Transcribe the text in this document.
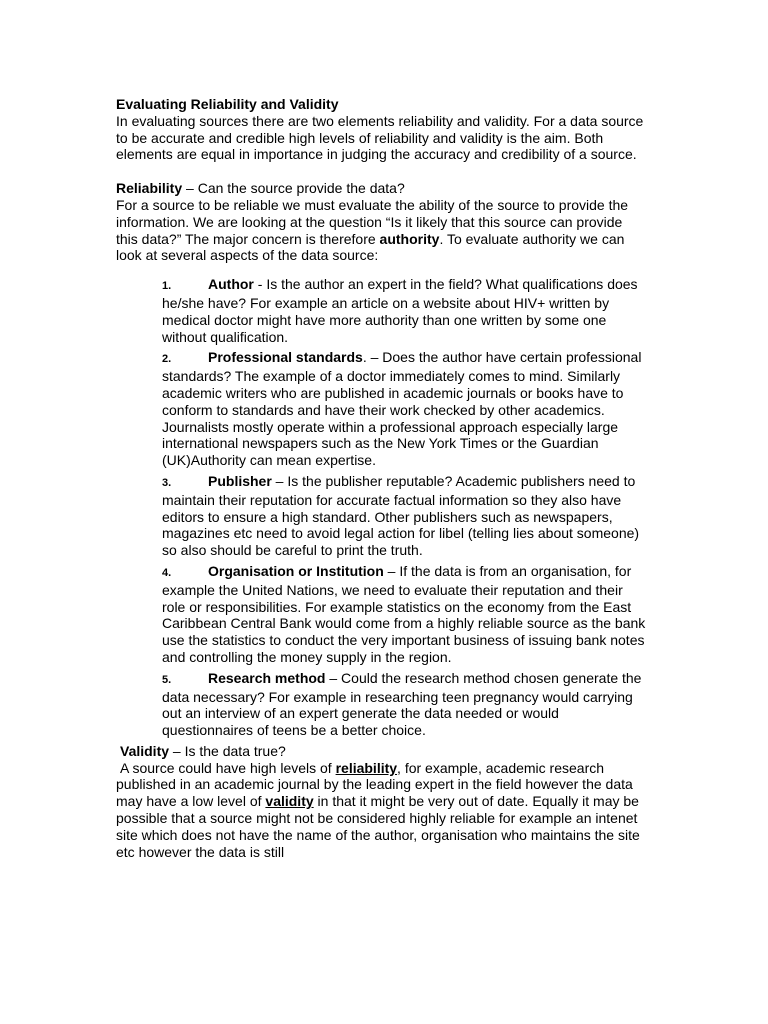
Evaluating Reliability and Validity

In evaluating sources there are two elements reliability and validity. For a data source to be accurate and credible high levels of reliability and validity is the aim. Both elements are equal in importance in judging the accuracy and credibility of a source.

Reliability – Can the source provide the data?

For a source to be reliable we must evaluate the ability of the source to provide the information. We are looking at the question “Is it likely that this source can provide this data?” The major concern is therefore authority. To evaluate authority we can look at several aspects of the data source:

1.	Author - Is the author an expert in the field? What qualifications does he/she have? For example an article on a website about HIV+ written by medical doctor might have more authority than one written by some one without qualification.
2.	Professional standards. – Does the author have certain professional standards? The example of a doctor immediately comes to mind. Similarly academic writers who are published in academic journals or books have to conform to standards and have their work checked by other academics. Journalists mostly operate within a professional approach especially large international newspapers such as the New York Times or the Guardian (UK)Authority can mean expertise.
3.	Publisher – Is the publisher reputable? Academic publishers need to maintain their reputation for accurate factual information so they also have editors to ensure a high standard. Other publishers such as newspapers, magazines etc need to avoid legal action for libel (telling lies about someone) so also should be careful to print the truth.
4.	Organisation or Institution – If the data is from an organisation, for example the United Nations, we need to evaluate their reputation and their role or responsibilities. For example statistics on the economy from the East Caribbean Central Bank would come from a highly reliable source as the bank use the statistics to conduct the very important business of issuing bank notes and controlling the money supply in the region.
5.	Research method – Could the research method chosen generate the data necessary? For example in researching teen pregnancy would carrying out an interview of an expert generate the data needed or would questionnaires of teens be a better choice.

Validity – Is the data true?

A source could have high levels of reliability, for example, academic research published in an academic journal by the leading expert in the field however the data may have a low level of validity in that it might be very out of date. Equally it may be possible that a source might not be considered highly reliable for example an intenet site which does not have the name of the author, organisation who maintains the site etc however the data is still
